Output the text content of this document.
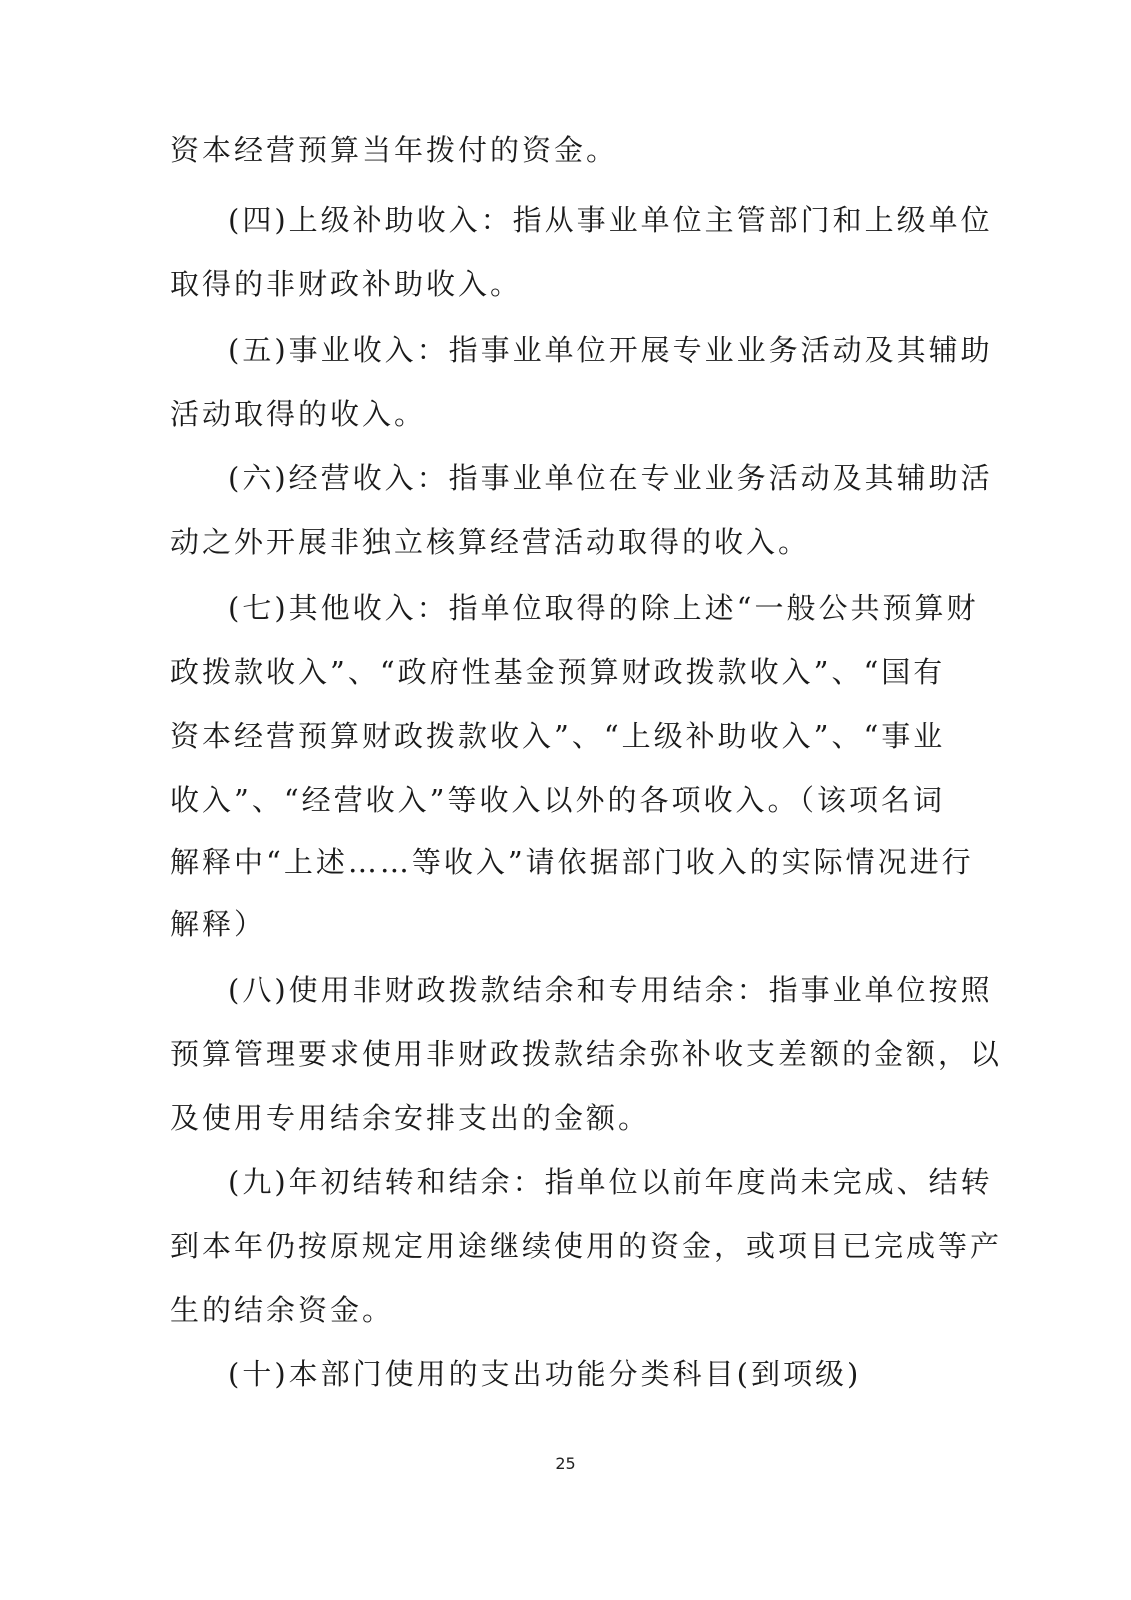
资本经营预算当年拨付的资金。
(四)上级补助收入：指从事业单位主管部门和上级单位
取得的非财政补助收入。
(五)事业收入：指事业单位开展专业业务活动及其辅助
活动取得的收入。
(六)经营收入：指事业单位在专业业务活动及其辅助活
动之外开展非独立核算经营活动取得的收入。
(七)其他收入：指单位取得的除上述“一般公共预算财
政拨款收入”、“政府性基金预算财政拨款收入”、“国有
资本经营预算财政拨款收入”、“上级补助收入”、“事业
收入”、“经营收入”等收入以外的各项收入。（该项名词
解释中“上述……等收入”请依据部门收入的实际情况进行
解释）
(八)使用非财政拨款结余和专用结余：指事业单位按照
预算管理要求使用非财政拨款结余弥补收支差额的金额，以
及使用专用结余安排支出的金额。
(九)年初结转和结余：指单位以前年度尚未完成、结转
到本年仍按原规定用途继续使用的资金，或项目已完成等产
生的结余资金。
(十)本部门使用的支出功能分类科目(到项级)
25
